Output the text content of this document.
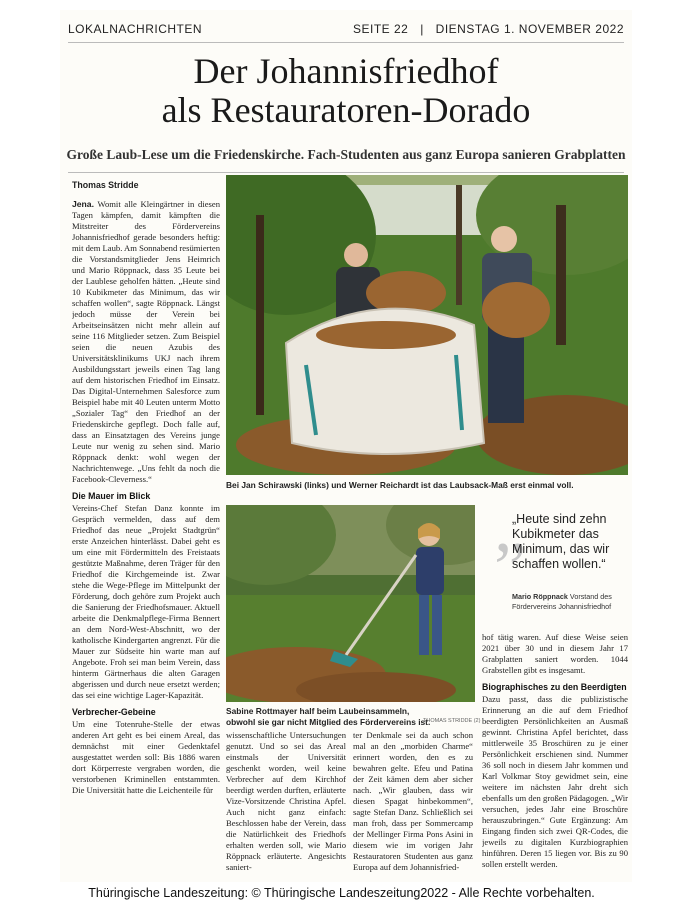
LOKALNACHRICHTEN	SEITE 22 | DIENSTAG 1. NOVEMBER 2022
Der Johannisfriedhof
als Restauratoren-Dorado
Große Laub-Lese um die Friedenskirche. Fach-Studenten aus ganz Europa sanieren Grabplatten

Thomas Stridde

Jena. Womit alle Kleingärtner in diesen Tagen kämpfen, damit kämpften die Mitstreiter des Fördervereins Johannisfriedhof gerade besonders heftig: mit dem Laub. Am Sonnabend resümierten die Vorstandsmitglieder Jens Heimrich und Mario Röppnack, dass 35 Leute bei der Laublese geholfen hätten. „Heute sind 10 Kubikmeter das Minimum, das wir schaffen wollen“, sagte Röppnack. Längst jedoch müsse der Verein bei Arbeitseinsätzen nicht mehr allein auf seine 116 Mitglieder setzen. Zum Beispiel seien die neuen Azubis des Universitätsklinikums UKJ nach ihrem Ausbildungsstart jeweils einen Tag lang auf dem historischen Friedhof im Einsatz. Das Digital-Unternehmen Salesforce zum Beispiel habe mit 40 Leuten unterm Motto „Sozialer Tag“ den Friedhof an der Friedenskirche gepflegt. Doch falle auf, dass an Einsatztagen des Vereins junge Leute nur wenig zu sehen sind. Mario Röppnack denkt: wohl wegen der Nachrichtenwege. „Uns fehlt da noch die Facebook-Cleverness.“

Die Mauer im Blick

Vereins-Chef Stefan Danz konnte im Gespräch vermelden, dass auf dem Friedhof das neue „Projekt Stadtgrün“ erste Anzeichen hinterlässt. Dabei geht es um eine mit Fördermitteln des Freistaats gestützte Maßnahme, deren Träger für den Friedhof die Kirchgemeinde ist. Zwar stehe die Wege-Pflege im Mittelpunkt der Förderung, doch gehöre zum Projekt auch die Sanierung der Friedhofsmauer. Aktuell arbeite die Denkmalpflege-Firma Bennert an dem Nord-West-Abschnitt, wo der katholische Kindergarten angrenzt. Für die Mauer zur Südseite hin warte man auf Angebote. Froh sei man beim Verein, dass hinterm Gärtnerhaus die alten Garagen abgerissen und durch neue ersetzt werden; das sei eine wichtige Lager-Kapazität.

Verbrecher-Gebeine

Um eine Totenruhe-Stelle der etwas anderen Art geht es bei einem Areal, das demnächst mit einer Gedenktafel ausgestattet werden soll: Bis 1886 waren dort Körperreste vergraben worden, die verstorbenen Kriminellen entstammten. Die Universität hatte die Leichenteile für

Bei Jan Schirawski (links) und Werner Reichardt ist das Laubsack-Maß erst einmal voll.
Sabine Rottmayer half beim Laubeinsammeln, obwohl sie gar nicht Mitglied des Fördervereins ist.
THOMAS STRIDDE (2)
„
„Heute sind zehn Kubikmeter das Minimum, das wir schaffen wollen.“
Mario Röppnack Vorstand des Fördervereins Johannisfriedhof

wissenschaftliche Untersuchungen genutzt. Und so sei das Areal einstmals der Universität geschenkt worden, weil keine Verbrecher auf dem Kirchhof beerdigt werden durften, erläuterte Vize-Vorsitzende Christina Apfel. Auch nicht ganz einfach: Beschlossen habe der Verein, dass die Natürlichkeit des Friedhofs erhalten werden soll, wie Mario Röppnack erläuterte. Angesichts saniert-

ter Denkmale sei da auch schon mal an den „morbiden Charme“ erinnert worden, den es zu bewahren gelte. Efeu und Patina der Zeit kämen dem aber sicher nach. „Wir glauben, dass wir diesen Spagat hinbekommen“, sagte Stefan Danz. Schließlich sei man froh, dass per Sommercamp der Mellinger Firma Pons Asini in diesem wie im vorigen Jahr Restauratoren Studenten aus ganz Europa auf dem Johannisfried-

hof tätig waren. Auf diese Weise seien 2021 über 30 und in diesem Jahr 17 Grabplatten saniert worden. 1044 Grabstellen gibt es insgesamt.

Biographisches zu den Beerdigten

Dazu passt, dass die publizistische Erinnerung an die auf dem Friedhof beerdigten Persönlichkeiten an Ausmaß gewinnt. Christina Apfel berichtet, dass mittlerweile 35 Broschüren zu je einer Persönlichkeit erschienen sind. Nummer 36 soll noch in diesem Jahr kommen und Karl Volkmar Stoy gewidmet sein, eine weitere im nächsten Jahr dreht sich ebenfalls um den großen Pädagogen. „Wir versuchen, jedes Jahr eine Broschüre herauszubringen.“ Gute Ergänzung: Am Eingang finden sich zwei QR-Codes, die jeweils zu digitalen Kurzbiographien hinführen. Deren 15 liegen vor. Bis zu 90 sollen erstellt werden.

Thüringische Landeszeitung: © Thüringische Landeszeitung2022 - Alle Rechte vorbehalten.
